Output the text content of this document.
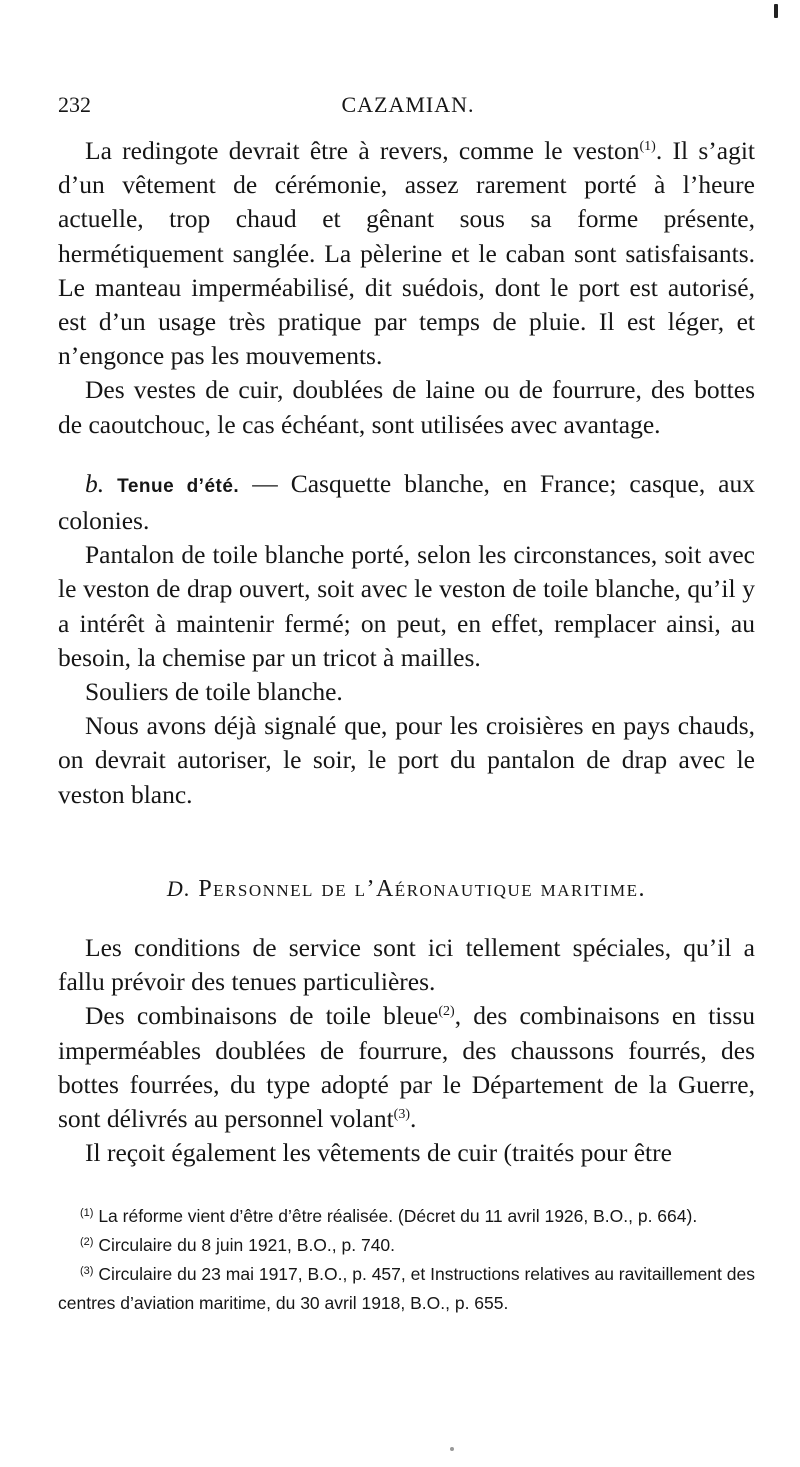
232	CAZAMIAN.

La redingote devrait être à revers, comme le veston$^{(1)}$. Il s’agit d’un vêtement de cérémonie, assez rarement porté à l’heure actuelle, trop chaud et gênant sous sa forme présente, hermétiquement sanglée. La pèlerine et le caban sont satisfaisants. Le manteau imperméabilisé, dit suédois, dont le port est autorisé, est d’un usage très pratique par temps de pluie. Il est léger, et n’engonce pas les mouvements.

Des vestes de cuir, doublées de laine ou de fourrure, des bottes de caoutchouc, le cas échéant, sont utilisées avec avantage.

b. Tenue d’été. — Casquette blanche, en France; casque, aux colonies.

Pantalon de toile blanche porté, selon les circonstances, soit avec le veston de drap ouvert, soit avec le veston de toile blanche, qu’il y a intérêt à maintenir fermé; on peut, en effet, remplacer ainsi, au besoin, la chemise par un tricot à mailles.

Souliers de toile blanche.

Nous avons déjà signalé que, pour les croisières en pays chauds, on devrait autoriser, le soir, le port du pantalon de drap avec le veston blanc.

D. Personnel de l’Aéronautique maritime.

Les conditions de service sont ici tellement spéciales, qu’il a fallu prévoir des tenues particulières.

Des combinaisons de toile bleue$^{(2)}$, des combinaisons en tissu imperméables doublées de fourrure, des chaussons fourrés, des bottes fourrées, du type adopté par le Département de la Guerre, sont délivrés au personnel volant$^{(3)}$.

Il reçoit également les vêtements de cuir (traités pour être

$^{(1)}$ La réforme vient d’être d’être réalisée. (Décret du 11 avril 1926, B.O., p. 664).

$^{(2)}$ Circulaire du 8 juin 1921, B.O., p. 740.

$^{(3)}$ Circulaire du 23 mai 1917, B.O., p. 457, et Instructions relatives au ravitaillement des centres d’aviation maritime, du 30 avril 1918, B.O., p. 655.
